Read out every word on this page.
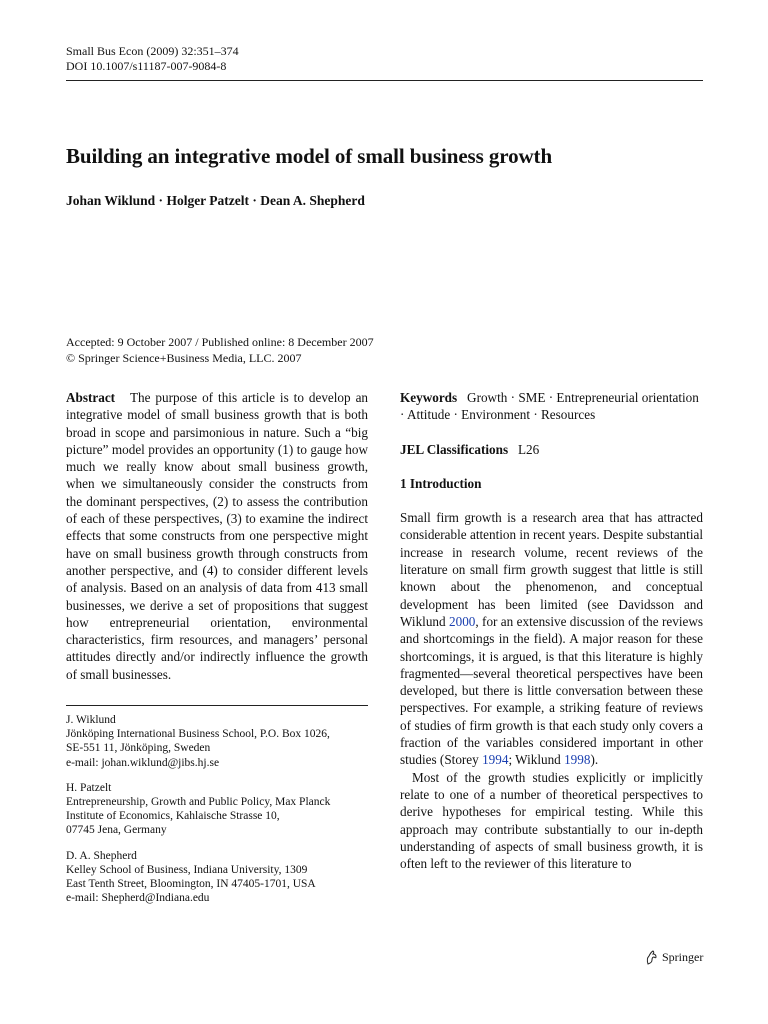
Small Bus Econ (2009) 32:351–374
DOI 10.1007/s11187-007-9084-8
Building an integrative model of small business growth
Johan Wiklund · Holger Patzelt · Dean A. Shepherd
Accepted: 9 October 2007 / Published online: 8 December 2007
© Springer Science+Business Media, LLC. 2007

Abstract The purpose of this article is to develop an integrative model of small business growth that is both broad in scope and parsimonious in nature. Such a “big picture” model provides an opportunity (1) to gauge how much we really know about small business growth, when we simultaneously consider the constructs from the dominant perspectives, (2) to assess the contribution of each of these perspectives, (3) to examine the indirect effects that some constructs from one perspective might have on small business growth through constructs from another perspective, and (4) to consider different levels of analysis. Based on an analysis of data from 413 small businesses, we derive a set of propositions that suggest how entrepreneurial orientation, environmental characteristics, firm resources, and managers’ personal attitudes directly and/or indirectly influence the growth of small businesses.

J. Wiklund
Jönköping International Business School, P.O. Box 1026,
SE-551 11, Jönköping, Sweden
e-mail: johan.wiklund@jibs.hj.se
H. Patzelt
Entrepreneurship, Growth and Public Policy, Max Planck
Institute of Economics, Kahlaische Strasse 10,
07745 Jena, Germany
D. A. Shepherd
Kelley School of Business, Indiana University, 1309
East Tenth Street, Bloomington, IN 47405-1701, USA
e-mail: Shepherd@Indiana.edu

Keywords Growth · SME · Entrepreneurial orientation · Attitude · Environment · Resources

JEL Classifications L26

1 Introduction

Small firm growth is a research area that has attracted considerable attention in recent years. Despite substantial increase in research volume, recent reviews of the literature on small firm growth suggest that little is still known about the phenomenon, and conceptual development has been limited (see Davidsson and Wiklund 2000, for an extensive discussion of the reviews and shortcomings in the field). A major reason for these shortcomings, it is argued, is that this literature is highly fragmented—several theoretical perspectives have been developed, but there is little conversation between these perspectives. For example, a striking feature of reviews of studies of firm growth is that each study only covers a fraction of the variables considered important in other studies (Storey 1994; Wiklund 1998).

Most of the growth studies explicitly or implicitly relate to one of a number of theoretical perspectives to derive hypotheses for empirical testing. While this approach may contribute substantially to our in-depth understanding of aspects of small business growth, it is often left to the reviewer of this literature to

Springer
